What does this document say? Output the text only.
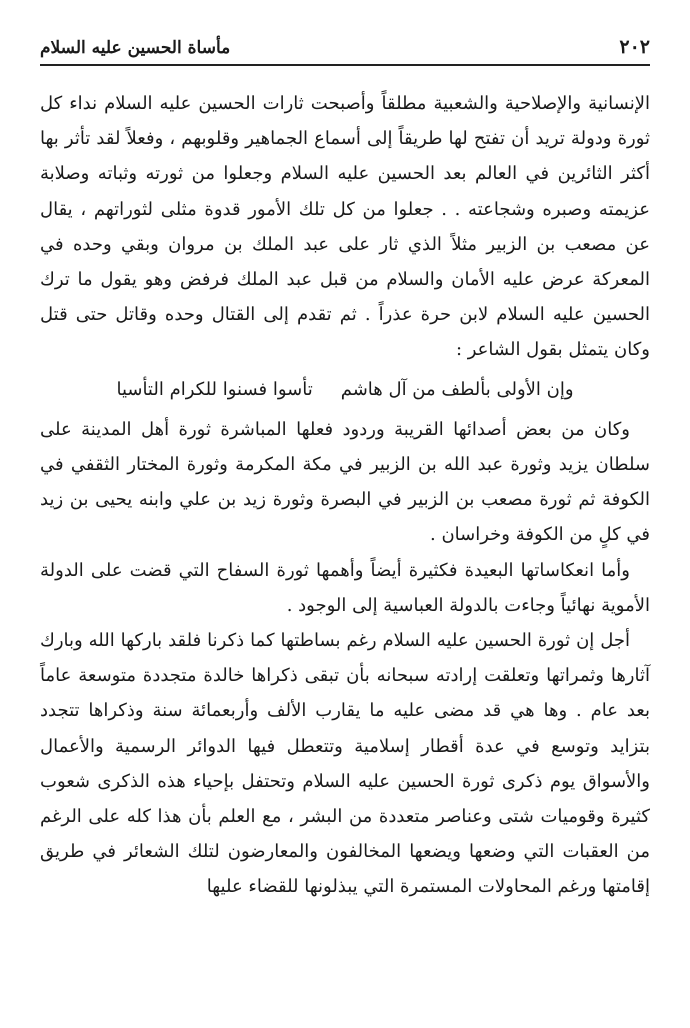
٢٠٢
مأساة الحسين عليه السلام

الإنسانية والإصلاحية والشعبية مطلقاً وأصبحت ثارات الحسين عليه السلام نداء كل ثورة ودولة تريد أن تفتح لها طريقاً إلى أسماع الجماهير وقلوبهم ، وفعلاً لقد تأثر بها أكثر الثائرين في العالم بعد الحسين عليه السلام وجعلوا من ثورته وثباته وصلابة عزيمته وصبره وشجاعته . . جعلوا من كل تلك الأمور قدوة مثلى لثوراتهم ، يقال عن مصعب بن الزبير مثلاً الذي ثار على عبد الملك بن مروان وبقي وحده في المعركة عرض عليه الأمان والسلام من قبل عبد الملك فرفض وهو يقول ما ترك الحسين عليه السلام لابن حرة عذراً . ثم تقدم إلى القتال وحده وقاتل حتى قتل وكان يتمثل بقول الشاعر :

وإن الأولى بألطف من آل هاشم
تأسوا فسنوا للكرام التأسيا

وكان من بعض أصدائها القريبة وردود فعلها المباشرة ثورة أهل المدينة على سلطان يزيد وثورة عبد الله بن الزبير في مكة المكرمة وثورة المختار الثقفي في الكوفة ثم ثورة مصعب بن الزبير في البصرة وثورة زيد بن علي وابنه يحيى بن زيد في كلٍ من الكوفة وخراسان .

وأما انعكاساتها البعيدة فكثيرة أيضاً وأهمها ثورة السفاح التي قضت على الدولة الأموية نهائياً وجاءت بالدولة العباسية إلى الوجود .

أجل إن ثورة الحسين عليه السلام رغم بساطتها كما ذكرنا فلقد باركها الله وبارك آثارها وثمراتها وتعلقت إرادته سبحانه بأن تبقى ذكراها خالدة متجددة متوسعة عاماً بعد عام . وها هي قد مضى عليه ما يقارب الألف وأربعمائة سنة وذكراها تتجدد بتزايد وتوسع في عدة أقطار إسلامية وتتعطل فيها الدوائر الرسمية والأعمال والأسواق يوم ذكرى ثورة الحسين عليه السلام وتحتفل بإحياء هذه الذكرى شعوب كثيرة وقوميات شتى وعناصر متعددة من البشر ، مع العلم بأن هذا كله على الرغم من العقبات التي وضعها ويضعها المخالفون والمعارضون لتلك الشعائر في طريق إقامتها ورغم المحاولات المستمرة التي يبذلونها للقضاء عليها
